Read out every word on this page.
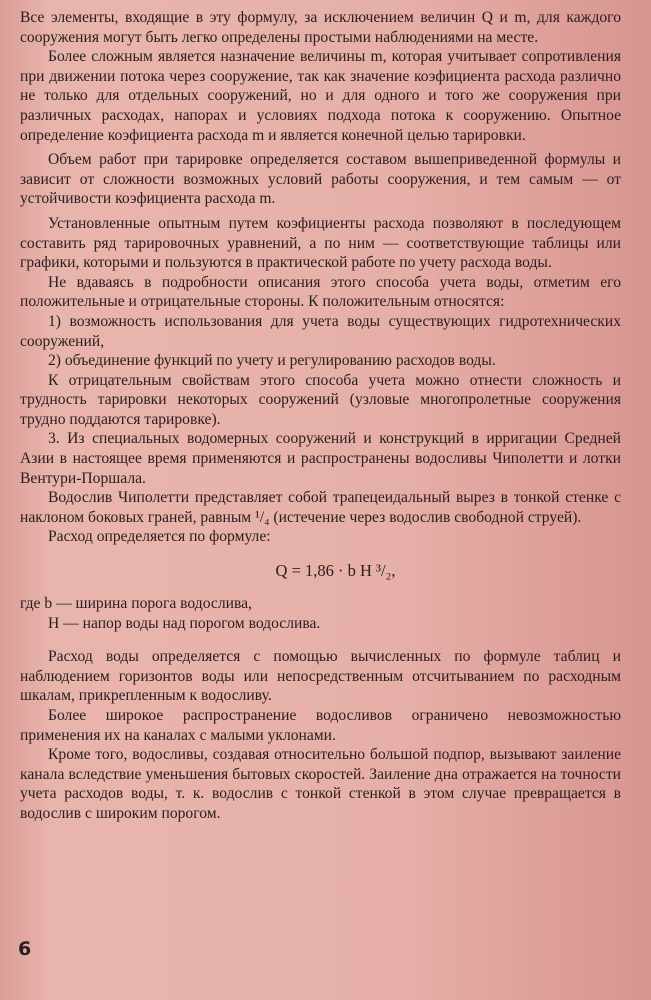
Все элементы, входящие в эту формулу, за исключением величин Q и m, для каждого сооружения могут быть легко определены простыми наблюдениями на месте.

Более сложным является назначение величины m, которая учитывает сопротивления при движении потока через сооружение, так как значение коэфициента расхода различно не только для отдельных сооружений, но и для одного и того же сооружения при различных расходах, напорах и условиях подхода потока к сооружению. Опытное определение коэфициента расхода m и является конечной целью тарировки.

Объем работ при тарировке определяется составом вышеприведенной формулы и зависит от сложности возможных условий работы сооружения, и тем самым — от устойчивости коэфициента расхода m.

Установленные опытным путем коэфициенты расхода позволяют в последующем составить ряд тарировочных уравнений, а по ним — соответствующие таблицы или графики, которыми и пользуются в практической работе по учету расхода воды.

Не вдаваясь в подробности описания этого способа учета воды, отметим его положительные и отрицательные стороны. К положительным относятся:

1) возможность использования для учета воды существующих гидротехнических сооружений,

2) объединение функций по учету и регулированию расходов воды.

К отрицательным свойствам этого способа учета можно отнести сложность и трудность тарировки некоторых сооружений (узловые многопролетные сооружения трудно поддаются тарировке).

3. Из специальных водомерных сооружений и конструкций в ирригации Средней Азии в настоящее время применяются и распространены водосливы Чиполетти и лотки Вентури-Поршала.

Водослив Чиполетти представляет собой трапецеидальный вырез в тонкой стенке с наклоном боковых граней, равным ¹/₄ (истечение через водослив свободной струей).

Расход определяется по формуле:

Q = 1,86 · b H ³/₂,
где b — ширина порога водослива,
H — напор воды над порогом водослива.

Расход воды определяется с помощью вычисленных по формуле таблиц и наблюдением горизонтов воды или непосредственным отсчитыванием по расходным шкалам, прикрепленным к водосливу.

Более широкое распространение водосливов ограничено невозможностью применения их на каналах с малыми уклонами.

Кроме того, водосливы, создавая относительно большой подпор, вызывают заиление канала вследствие уменьшения бытовых скоростей. Заиление дна отражается на точности учета расходов воды, т. к. водослив с тонкой стенкой в этом случае превращается в водослив с широким порогом.

6
